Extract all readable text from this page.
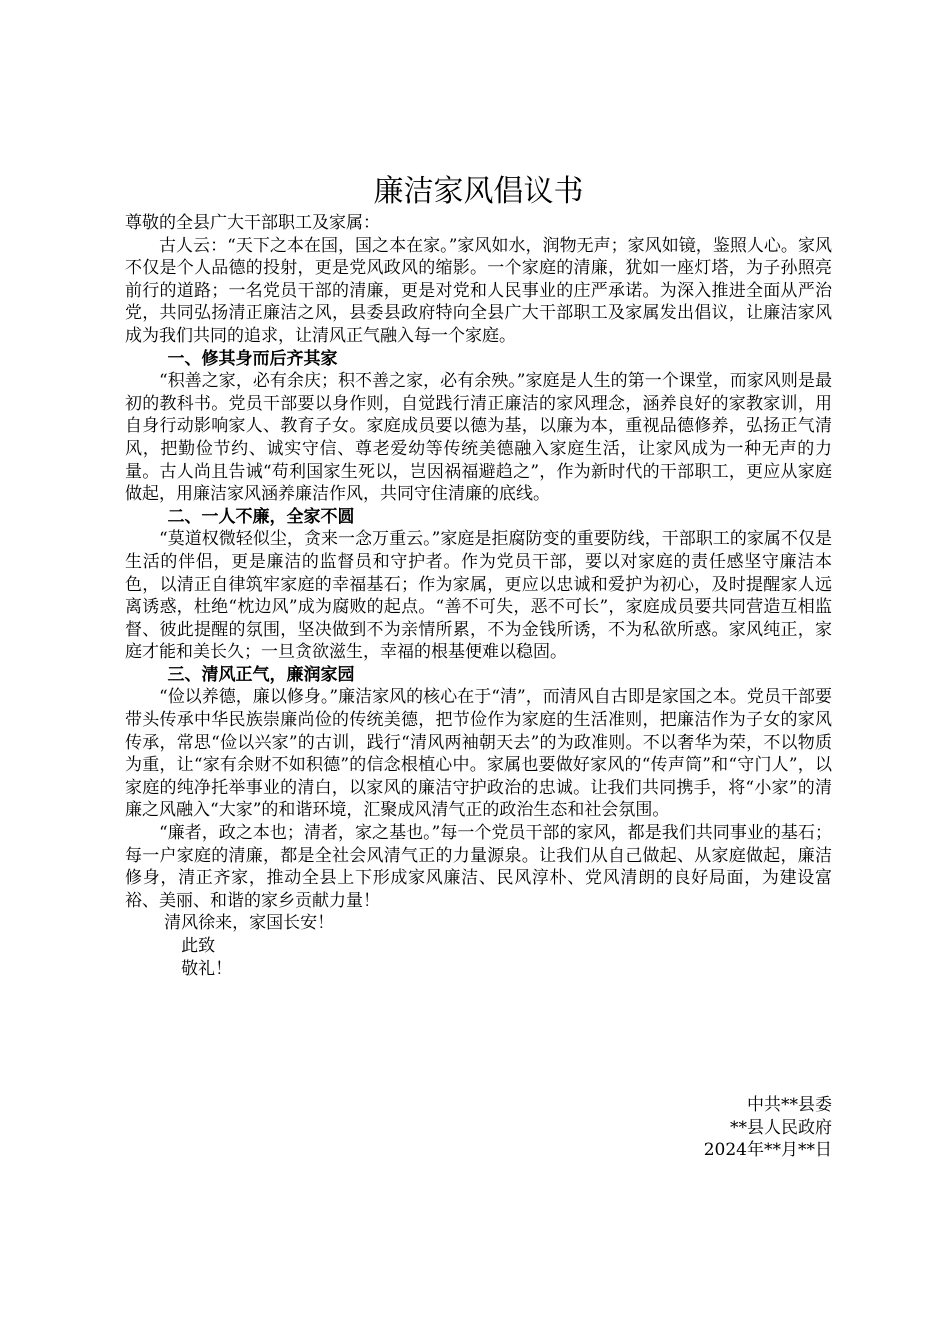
廉洁家风倡议书

尊敬的全县广大干部职工及家属：

古人云：“天下之本在国，国之本在家。”家风如水，润物无声；家风如镜，鉴照人心。家风不仅是个人品德的投射，更是党风政风的缩影。一个家庭的清廉，犹如一座灯塔，为子孙照亮前行的道路；一名党员干部的清廉，更是对党和人民事业的庄严承诺。为深入推进全面从严治党，共同弘扬清正廉洁之风，县委县政府特向全县广大干部职工及家属发出倡议，让廉洁家风成为我们共同的追求，让清风正气融入每一个家庭。

一、修其身而后齐其家

“积善之家，必有余庆；积不善之家，必有余殃。”家庭是人生的第一个课堂，而家风则是最初的教科书。党员干部要以身作则，自觉践行清正廉洁的家风理念，涵养良好的家教家训，用自身行动影响家人、教育子女。家庭成员要以德为基，以廉为本，重视品德修养，弘扬正气清风，把勤俭节约、诚实守信、尊老爱幼等传统美德融入家庭生活，让家风成为一种无声的力量。古人尚且告诫“苟利国家生死以，岂因祸福避趋之”，作为新时代的干部职工，更应从家庭做起，用廉洁家风涵养廉洁作风，共同守住清廉的底线。

二、一人不廉，全家不圆

“莫道权微轻似尘，贪来一念万重云。”家庭是拒腐防变的重要防线，干部职工的家属不仅是生活的伴侣，更是廉洁的监督员和守护者。作为党员干部，要以对家庭的责任感坚守廉洁本色，以清正自律筑牢家庭的幸福基石；作为家属，更应以忠诚和爱护为初心，及时提醒家人远离诱惑，杜绝“枕边风”成为腐败的起点。“善不可失，恶不可长”，家庭成员要共同营造互相监督、彼此提醒的氛围，坚决做到不为亲情所累，不为金钱所诱，不为私欲所惑。家风纯正，家庭才能和美长久；一旦贪欲滋生，幸福的根基便难以稳固。

三、清风正气，廉润家园

“俭以养德，廉以修身。”廉洁家风的核心在于“清”，而清风自古即是家国之本。党员干部要带头传承中华民族崇廉尚俭的传统美德，把节俭作为家庭的生活准则，把廉洁作为子女的家风传承，常思“俭以兴家”的古训，践行“清风两袖朝天去”的为政准则。不以奢华为荣，不以物质为重，让“家有余财不如积德”的信念根植心中。家属也要做好家风的“传声筒”和“守门人”，以家庭的纯净托举事业的清白，以家风的廉洁守护政治的忠诚。让我们共同携手，将“小家”的清廉之风融入“大家”的和谐环境，汇聚成风清气正的政治生态和社会氛围。

“廉者，政之本也；清者，家之基也。”每一个党员干部的家风，都是我们共同事业的基石；每一户家庭的清廉，都是全社会风清气正的力量源泉。让我们从自己做起、从家庭做起，廉洁修身，清正齐家，推动全县上下形成家风廉洁、民风淳朴、党风清朗的良好局面，为建设富裕、美丽、和谐的家乡贡献力量！

清风徐来，家国长安！

此致

敬礼！

中共**县委
**县人民政府
2024年**月**日
